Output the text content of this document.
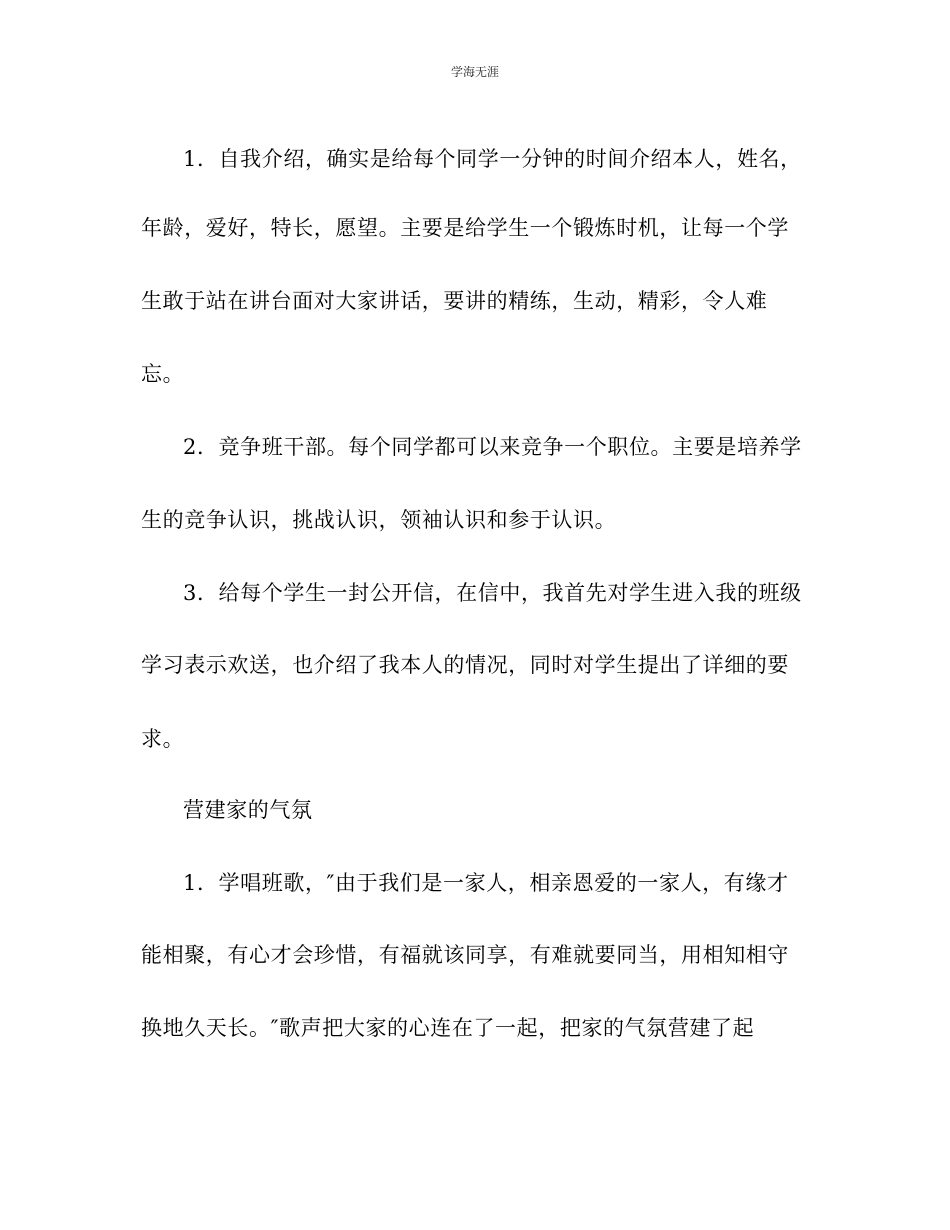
学海无涯
1．自我介绍，确实是给每个同学一分钟的时间介绍本人，姓名，
年龄，爱好，特长，愿望。主要是给学生一个锻炼时机，让每一个学
生敢于站在讲台面对大家讲话，要讲的精练，生动，精彩，令人难
忘。
2．竞争班干部。每个同学都可以来竞争一个职位。主要是培养学
生的竞争认识，挑战认识，领袖认识和参于认识。
3．给每个学生一封公开信，在信中，我首先对学生进入我的班级
学习表示欢送，也介绍了我本人的情况，同时对学生提出了详细的要
求。
营建家的气氛
1．学唱班歌，″由于我们是一家人，相亲恩爱的一家人，有缘才
能相聚，有心才会珍惜，有福就该同享，有难就要同当，用相知相守
换地久天长。″歌声把大家的心连在了一起，把家的气氛营建了起
